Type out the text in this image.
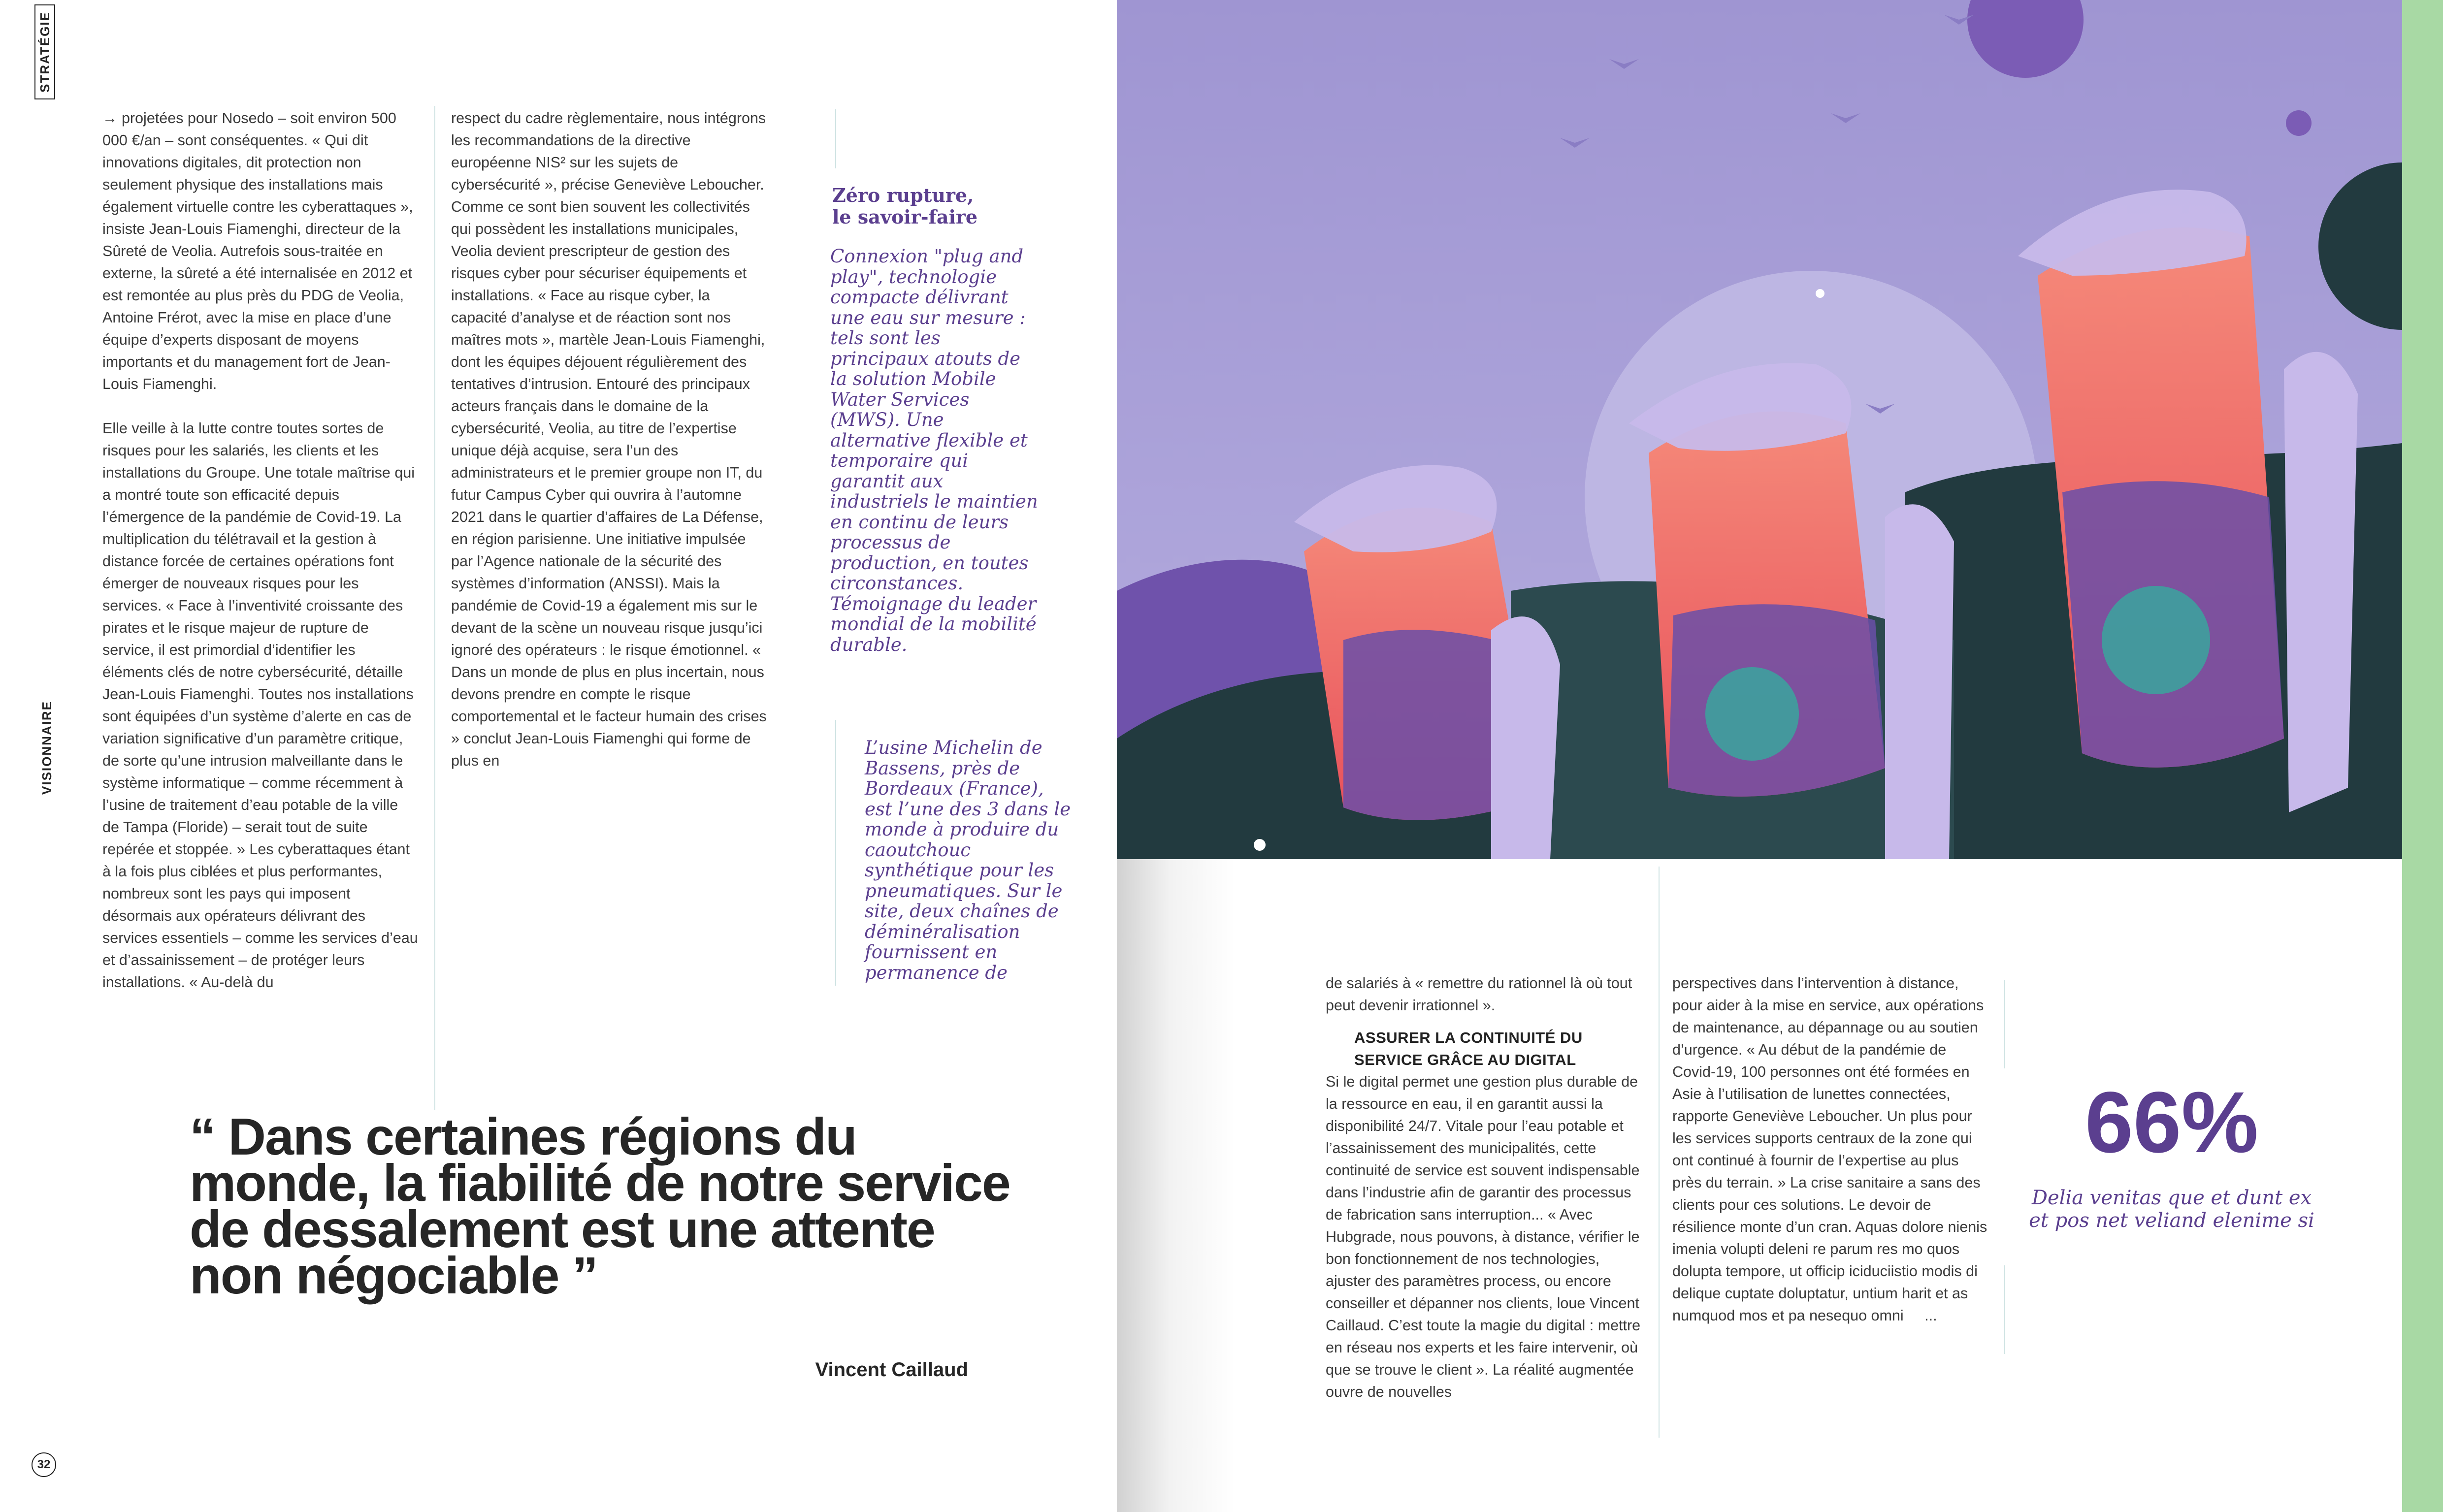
STRATÉGIE
VISIONNAIRE

→ projetées pour Nosedo – soit environ 500 000 €/an – sont conséquentes. « Qui dit innovations digitales, dit protection non seulement physique des installations mais également virtuelle contre les cyberattaques », insiste Jean-Louis Fiamenghi, directeur de la Sûreté de Veolia. Autrefois sous-traitée en externe, la sûreté a été internalisée en 2012 et est remontée au plus près du PDG de Veolia, Antoine Frérot, avec la mise en place d’une équipe d’experts disposant de moyens importants et du management fort de Jean-Louis Fiamenghi.

Elle veille à la lutte contre toutes sortes de risques pour les salariés, les clients et les installations du Groupe. Une totale maîtrise qui a montré toute son efficacité depuis l’émergence de la pandémie de Covid-19. La multiplication du télétravail et la gestion à distance forcée de certaines opérations font émerger de nouveaux risques pour les services. « Face à l’inventivité croissante des pirates et le risque majeur de rupture de service, il est primordial d’identifier les éléments clés de notre cybersécurité, détaille Jean-Louis Fiamenghi. Toutes nos installations sont équipées d’un système d’alerte en cas de variation significative d’un paramètre critique, de sorte qu’une intrusion malveillante dans le système informatique – comme récemment à l’usine de traitement d’eau potable de la ville de Tampa (Floride) – serait tout de suite repérée et stoppée. » Les cyberattaques étant à la fois plus ciblées et plus performantes, nombreux sont les pays qui imposent désormais aux opérateurs délivrant des services essentiels – comme les services d’eau et d’assainissement – de protéger leurs installations. « Au-delà du

respect du cadre règlementaire, nous intégrons les recommandations de la directive européenne NIS² sur les sujets de cybersécurité », précise Geneviève Leboucher. Comme ce sont bien souvent les collectivités qui possèdent les installations municipales, Veolia devient prescripteur de gestion des risques cyber pour sécuriser équipements et installations. « Face au risque cyber, la capacité d’analyse et de réaction sont nos maîtres mots », martèle Jean-Louis Fiamenghi, dont les équipes déjouent régulièrement des tentatives d’intrusion. Entouré des principaux acteurs français dans le domaine de la cybersécurité, Veolia, au titre de l’expertise unique déjà acquise, sera l’un des administrateurs et le premier groupe non IT, du futur Campus Cyber qui ouvrira à l’automne 2021 dans le quartier d’affaires de La Défense, en région parisienne. Une initiative impulsée par l’Agence nationale de la sécurité des systèmes d’information (ANSSI). Mais la pandémie de Covid-19 a également mis sur le devant de la scène un nouveau risque jusqu’ici ignoré des opérateurs : le risque émotionnel. « Dans un monde de plus en plus incertain, nous devons prendre en compte le risque comportemental et le facteur humain des crises » conclut Jean-Louis Fiamenghi qui forme de plus en

Zéro rupture,
le savoir-faire
Connexion "plug and play", technologie compacte délivrant une eau sur mesure : tels sont les principaux atouts de la solution Mobile Water Services (MWS). Une alternative flexible et temporaire qui garantit aux industriels le maintien en continu de leurs processus de production, en toutes circonstances. Témoignage du leader mondial de la mobilité durable.
L’usine Michelin de Bassens, près de Bordeaux (France), est l’une des 3 dans le monde à produire du caoutchouc synthétique pour les pneumatiques. Sur le site, deux chaînes de déminéralisation fournissent en permanence de
“ Dans certaines régions du monde, la fiabilité de notre service de dessalement est une attente non négociable ”
Vincent Caillaud
32

de salariés à « remettre du rationnel là où tout peut devenir irrationnel ».

ASSURER LA CONTINUITÉ DU SERVICE GRÂCE AU DIGITAL

Si le digital permet une gestion plus durable de la ressource en eau, il en garantit aussi la disponibilité 24/7. Vitale pour l’eau potable et l’assainissement des municipalités, cette continuité de service est souvent indispensable dans l’industrie afin de garantir des processus de fabrication sans interruption... « Avec Hubgrade, nous pouvons, à distance, vérifier le bon fonctionnement de nos technologies, ajuster des paramètres process, ou encore conseiller et dépanner nos clients, loue Vincent Caillaud. C’est toute la magie du digital : mettre en réseau nos experts et les faire intervenir, où que se trouve le client ». La réalité augmentée ouvre de nouvelles

perspectives dans l’intervention à distance, pour aider à la mise en service, aux opérations de maintenance, au dépannage ou au soutien d’urgence. « Au début de la pandémie de Covid-19, 100 personnes ont été formées en Asie à l’utilisation de lunettes connectées, rapporte Geneviève Leboucher. Un plus pour les services supports centraux de la zone qui ont continué à fournir de l’expertise au plus près du terrain. » La crise sanitaire a sans des clients pour ces solutions. Le devoir de résilience monte d’un cran. Aquas dolore nienis imenia volupti deleni re parum res mo quos dolupta tempore, ut officip iciduciistio modis di delique cuptate doluptatur, untium harit et as numquod mos et pa nesequo omni ...

66%
Delia venitas que et dunt ex et pos net veliand elenime si
